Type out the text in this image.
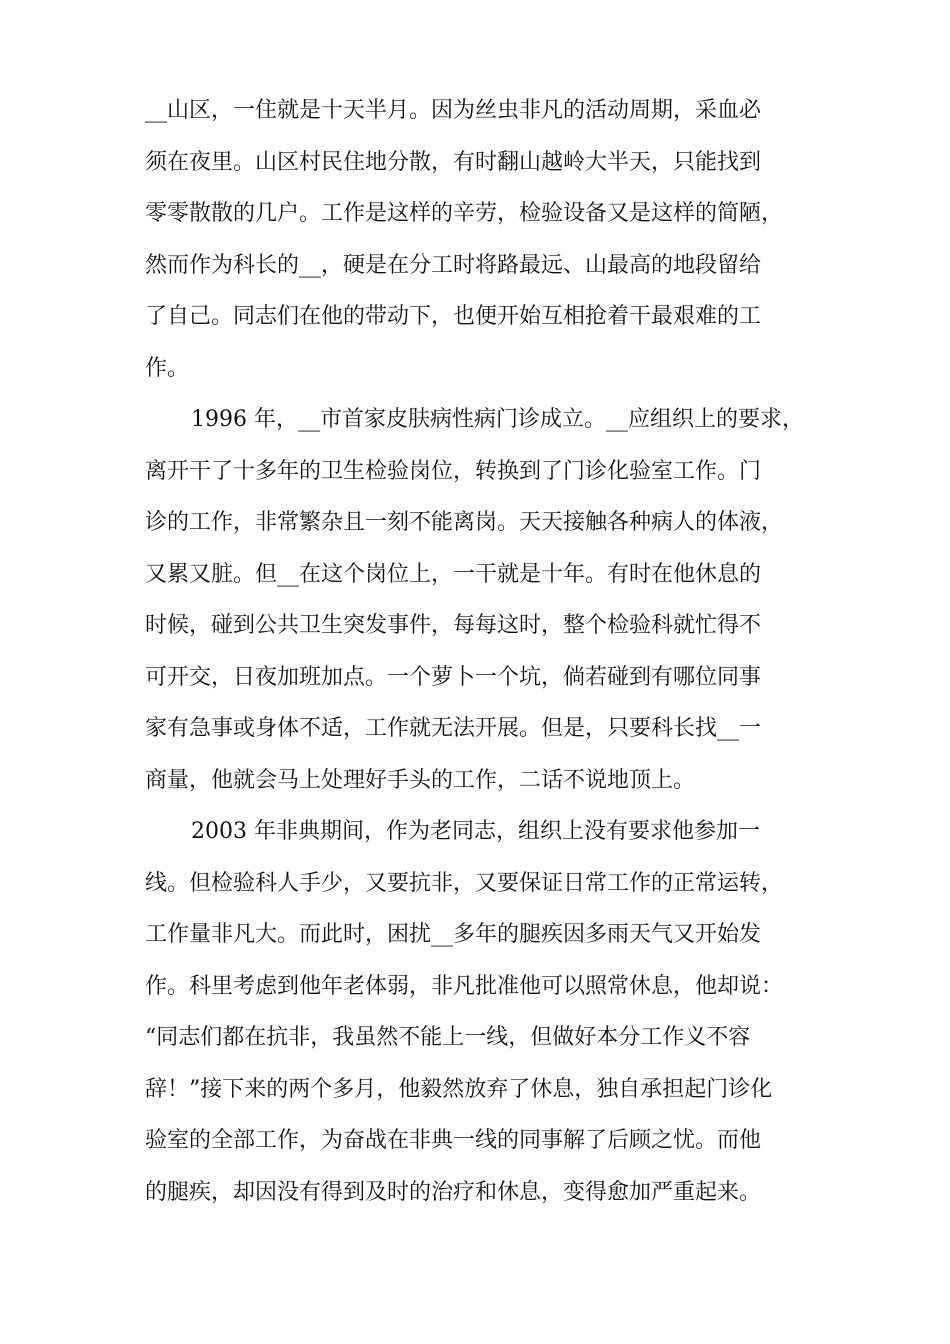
__山区，一住就是十天半月。因为丝虫非凡的活动周期，采血必
须在夜里。山区村民住地分散，有时翻山越岭大半天，只能找到
零零散散的几户。工作是这样的辛劳，检验设备又是这样的简陋，
然而作为科长的__，硬是在分工时将路最远、山最高的地段留给
了自己。同志们在他的带动下，也便开始互相抢着干最艰难的工
作。
1996 年，__市首家皮肤病性病门诊成立。__应组织上的要求，
离开干了十多年的卫生检验岗位，转换到了门诊化验室工作。门
诊的工作，非常繁杂且一刻不能离岗。天天接触各种病人的体液，
又累又脏。但__在这个岗位上，一干就是十年。有时在他休息的
时候，碰到公共卫生突发事件，每每这时，整个检验科就忙得不
可开交，日夜加班加点。一个萝卜一个坑，倘若碰到有哪位同事
家有急事或身体不适，工作就无法开展。但是，只要科长找__一
商量，他就会马上处理好手头的工作，二话不说地顶上。
2003 年非典期间，作为老同志，组织上没有要求他参加一
线。但检验科人手少，又要抗非，又要保证日常工作的正常运转，
工作量非凡大。而此时，困扰__多年的腿疾因多雨天气又开始发
作。科里考虑到他年老体弱，非凡批准他可以照常休息，他却说：
“同志们都在抗非，我虽然不能上一线，但做好本分工作义不容
辞！”接下来的两个多月，他毅然放弃了休息，独自承担起门诊化
验室的全部工作，为奋战在非典一线的同事解了后顾之忧。而他
的腿疾，却因没有得到及时的治疗和休息，变得愈加严重起来。
